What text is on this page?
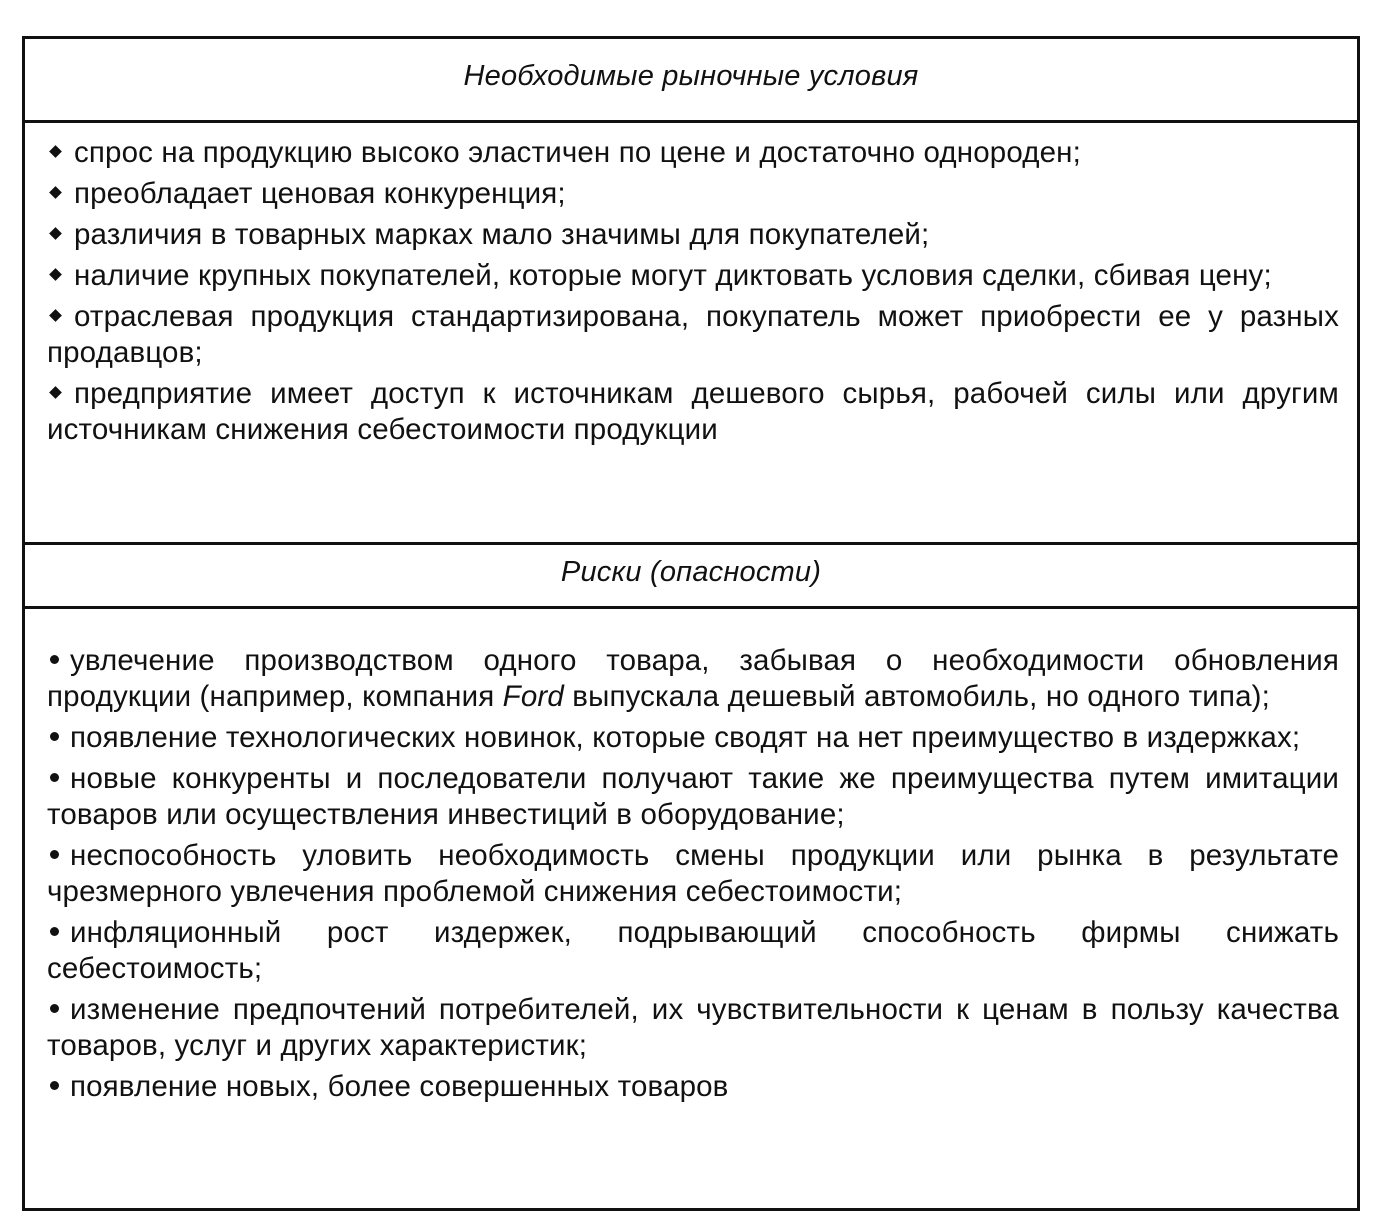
Необходимые рыночные условия
спрос на продукцию высоко эластичен по цене и достаточно однороден;
преобладает ценовая конкуренция;
различия в товарных марках мало значимы для покупателей;
наличие крупных покупателей, которые могут диктовать условия сделки, сбивая цену;
отраслевая продукция стандартизирована, покупатель может приобрести ее у разных продавцов;
предприятие имеет доступ к источникам дешевого сырья, рабочей силы или другим источникам снижения себестоимости продукции
Риски (опасности)
увлечение производством одного товара, забывая о необходимости обновления продукции (например, компания Ford выпускала дешевый автомобиль, но одного типа);
появление технологических новинок, которые сводят на нет преимущество в издержках;
новые конкуренты и последователи получают такие же преимущества путем имитации товаров или осуществления инвестиций в оборудование;
неспособность уловить необходимость смены продукции или рынка в результате чрезмерного увлечения проблемой снижения себестоимости;
инфляционный рост издержек, подрывающий способность фирмы снижать себестоимость;
изменение предпочтений потребителей, их чувствительности к ценам в пользу качества товаров, услуг и других характеристик;
появление новых, более совершенных товаров
